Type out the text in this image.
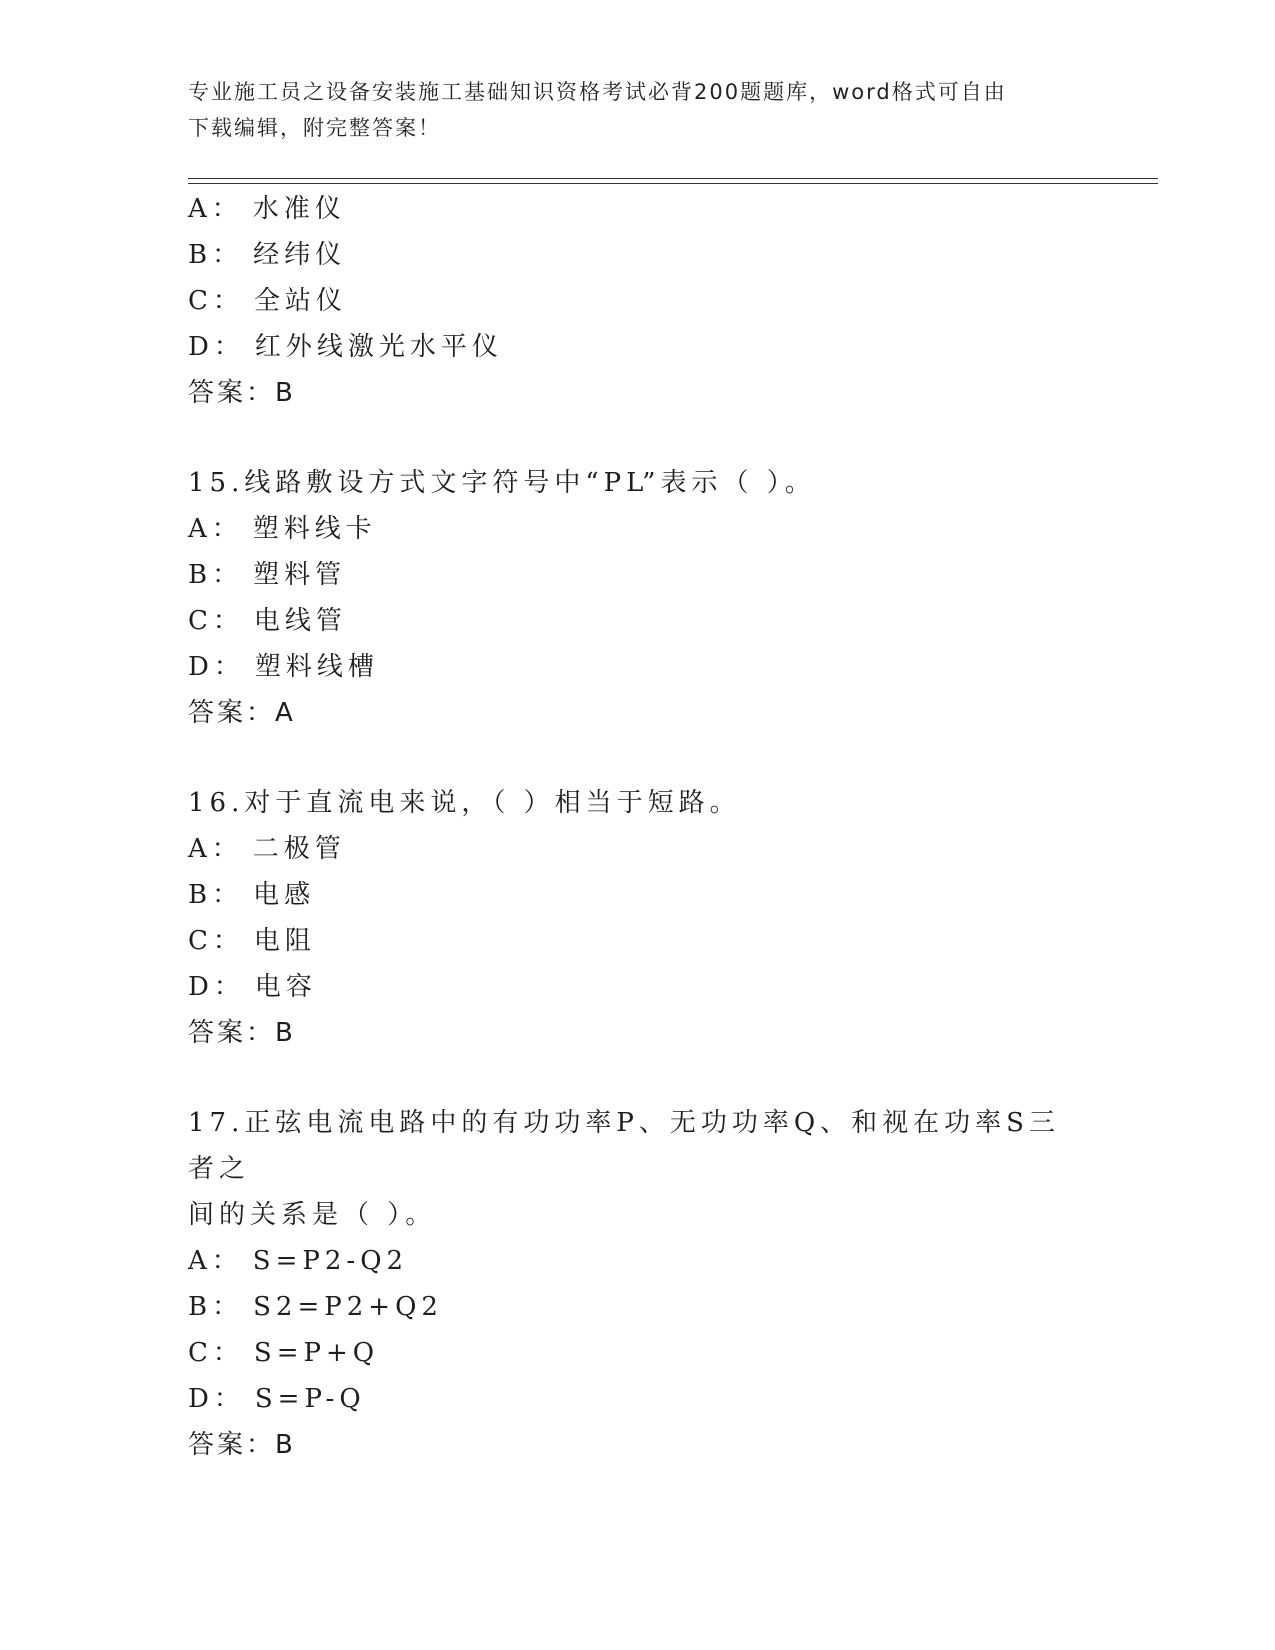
专业施工员之设备安装施工基础知识资格考试必背200题题库，word格式可自由
下载编辑，附完整答案！
A： 水准仪
B： 经纬仪
C： 全站仪
D： 红外线激光水平仪
答案：B
15.线路敷设方式文字符号中“PL”表示（ ）。
A： 塑料线卡
B： 塑料管
C： 电线管
D： 塑料线槽
答案：A
16.对于直流电来说，（ ）相当于短路。
A： 二极管
B： 电感
C： 电阻
D： 电容
答案：B
17.正弦电流电路中的有功功率P、无功功率Q、和视在功率S三者之
间的关系是（ ）。
A： S=P2-Q2
B： S2=P2+Q2
C： S=P+Q
D： S=P-Q
答案：B
